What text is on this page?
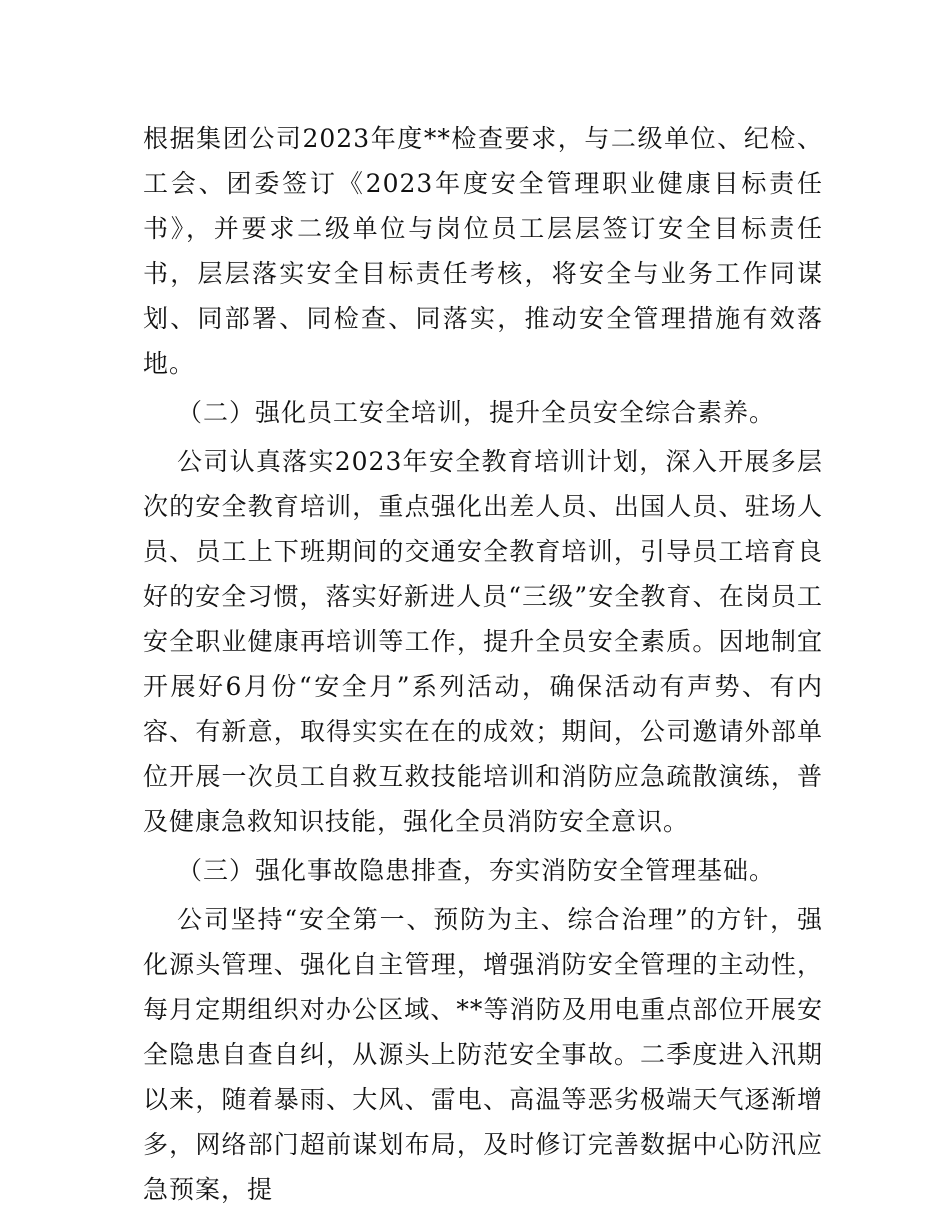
根据集团公司2023年度**检查要求，与二级单位、纪检、工会、团委签订《2023年度安全管理职业健康目标责任书》，并要求二级单位与岗位员工层层签订安全目标责任书，层层落实安全目标责任考核，将安全与业务工作同谋划、同部署、同检查、同落实，推动安全管理措施有效落地。

（二）强化员工安全培训，提升全员安全综合素养。

公司认真落实2023年安全教育培训计划，深入开展多层次的安全教育培训，重点强化出差人员、出国人员、驻场人员、员工上下班期间的交通安全教育培训，引导员工培育良好的安全习惯，落实好新进人员“三级”安全教育、在岗员工安全职业健康再培训等工作，提升全员安全素质。因地制宜开展好6月份“安全月”系列活动，确保活动有声势、有内容、有新意，取得实实在在的成效；期间，公司邀请外部单位开展一次员工自救互救技能培训和消防应急疏散演练，普及健康急救知识技能，强化全员消防安全意识。

（三）强化事故隐患排查，夯实消防安全管理基础。

公司坚持“安全第一、预防为主、综合治理”的方针，强化源头管理、强化自主管理，增强消防安全管理的主动性，每月定期组织对办公区域、**等消防及用电重点部位开展安全隐患自查自纠，从源头上防范安全事故。二季度进入汛期以来，随着暴雨、大风、雷电、高温等恶劣极端天气逐渐增多，网络部门超前谋划布局，及时修订完善数据中心防汛应急预案，提
